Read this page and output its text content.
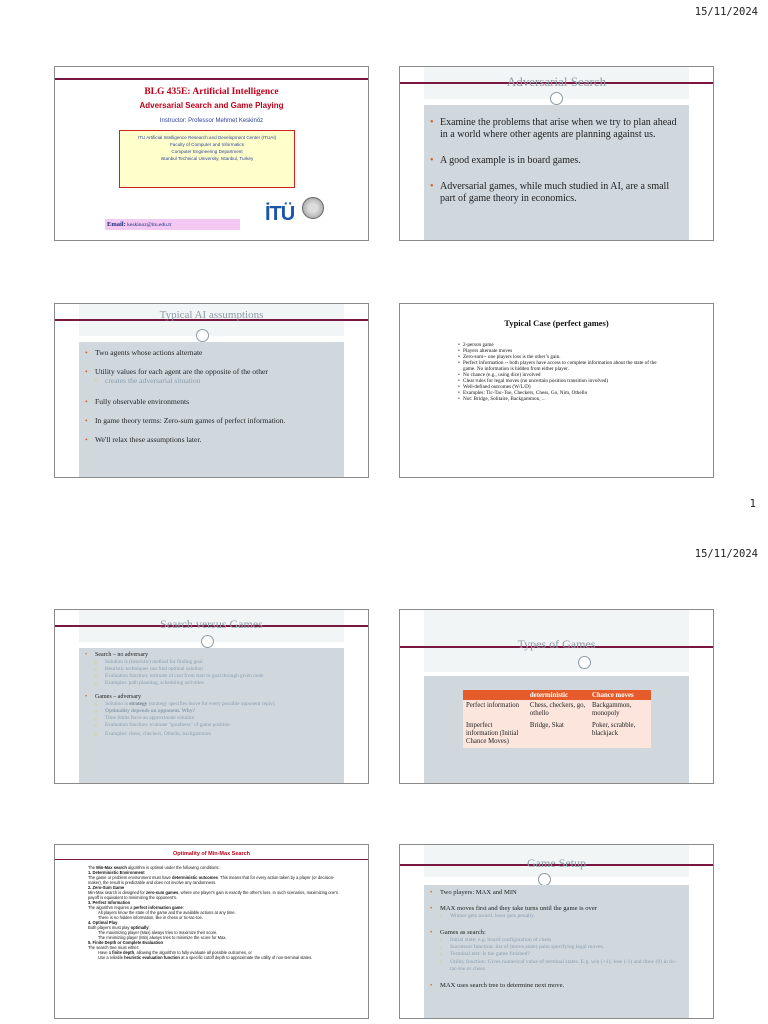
15/11/2024
BLG 435E: Artificial Intelligence
Adversarial Search and Game Playing
Instructor: Professor Mehmet Keskinöz
ITU Artificial Intelligence Research and Development Center (ITUAI)
Faculty of Computer and Informatics
Computer Engineering Department
Istanbul Technical University, Istanbul, Turkey
Email: keskinoz@itu.edu.tr	İTÜ
Adversarial Search
• Examine the problems that arise when we try to plan ahead in a world where other agents are planning against us.
• A good example is in board games.
• Adversarial games, while much studied in AI, are a small part of game theory in economics.
Typical AI assumptions
• Two agents whose actions alternate
• Utility values for each agent are the opposite of the other
○ creates the adversarial situation
• Fully observable environments
• In game theory terms: Zero-sum games of perfect information.
• We'll relax these assumptions later.
Typical Case (perfect games)
• 2-person game
• Players alternate moves
• Zero-sum-- one players loss is the other’s gain.
• Perfect information -- both players have access to complete information about the state of the game. No information is hidden from either player.
• No chance (e.g., using dice) involved
• Clear rules for legal moves (no uncertain position transition involved)
• Well-defined outcomes (W/L/D)
• Examples: Tic-Tac-Toe, Checkers, Chess, Go, Nim, Othello
• Not: Bridge, Solitaire, Backgammon, ...
1
15/11/2024
Search versus Games
• Search – no adversary
○ Solution is (heuristic) method for finding goal
○ Heuristic techniques can find optimal solution
○ Evaluation function: estimate of cost from start to goal through given node
○ Examples: path planning, scheduling activities
• Games – adversary
○ Solution is strategy (strategy specifies move for every possible opponent reply).
○ Optimality depends on opponent. Why?
○ Time limits force an approximate solution
○ Evaluation function: evaluate "goodness" of game position
○ Examples: chess, checkers, Othello, backgammon
Types of Games
	deterministic	Chance moves
Perfect information	Chess, checkers, go, othello	Backgammon, monopoly
Imperfect information (Initial Chance Moves)	Bridge, Skat	Poker, scrabble, blackjack
Optimality of Min-Max Search
The Min-Max search algorithm is optimal under the following conditions:
1. Deterministic Environment
The game or problem environment must have deterministic outcomes. This means that for every action taken by a player (or decision-maker), the result is predictable and does not involve any randomness.
2. Zero-Sum Game
Min-Max search is designed for zero-sum games, where one player's gain is exactly the other's loss. In such scenarios, maximizing one's payoff is equivalent to minimizing the opponent's.
3. Perfect Information
The algorithm requires a perfect information game:
All players know the state of the game and the available actions at any time.
There is no hidden information, like in chess or tic-tac-toe.
4. Optimal Play
Both players must play optimally:
The maximizing player (Max) always tries to maximize their score.
The minimizing player (Min) always tries to minimize the score for Max.
5. Finite Depth or Complete Evaluation
The search tree must either:
Have a finite depth, allowing the algorithm to fully evaluate all possible outcomes, or
Use a reliable heuristic evaluation function at a specific cutoff depth to approximate the utility of non-terminal states.
Game Setup
• Two players: MAX and MIN
• MAX moves first and they take turns until the game is over
○ Winner gets award, loser gets penalty.
• Games as search:
○ Initial state: e.g. board configuration of chess
○ Successor function: list of (move,state) pairs specifying legal moves.
○ Terminal test: Is the game finished?
○ Utility function: Gives numerical value of terminal states. E.g. win (+1), lose (-1) and draw (0) in tic-tac-toe or chess
• MAX uses search tree to determine next move.
